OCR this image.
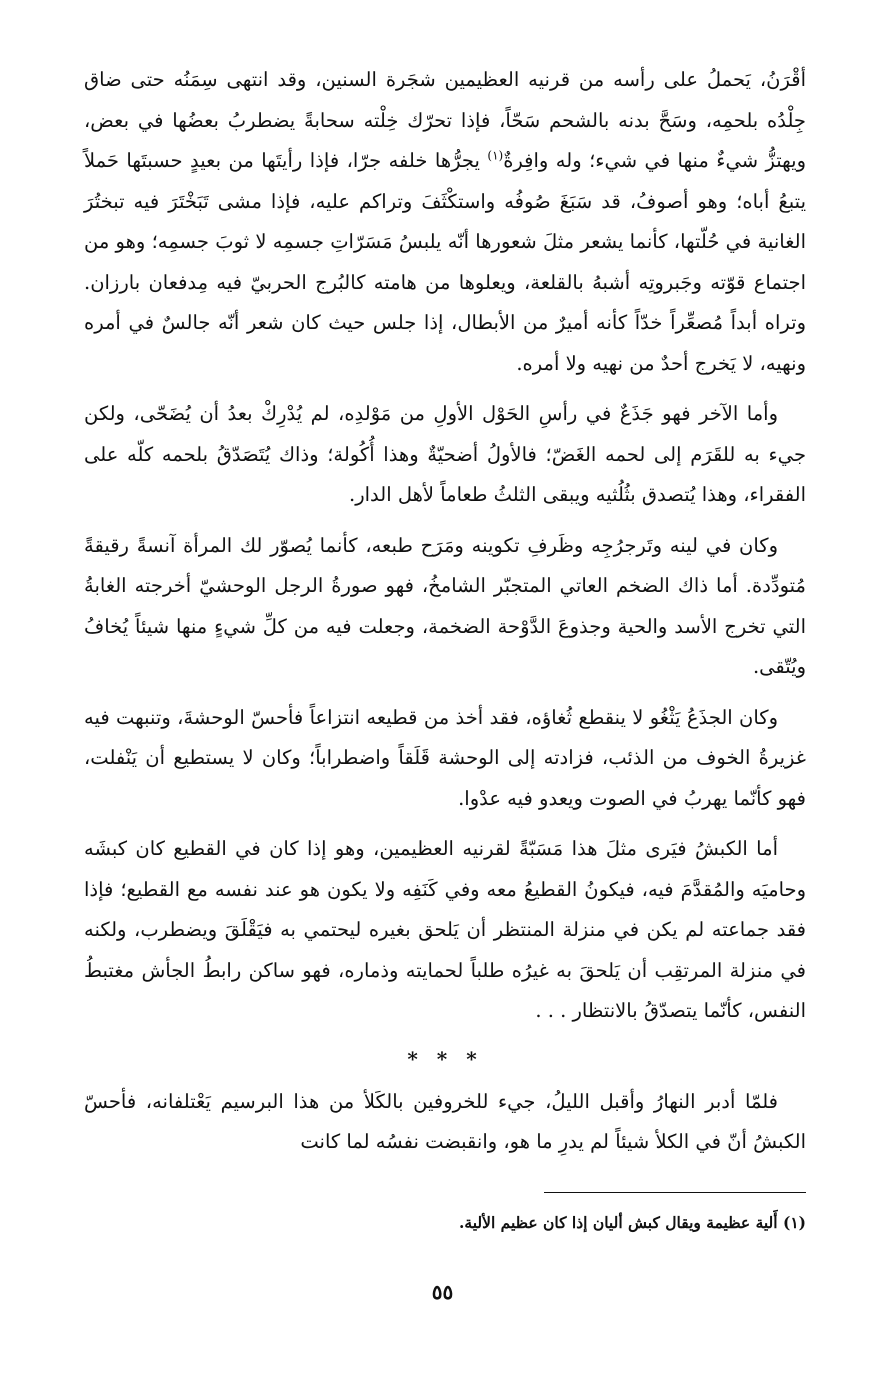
أقْرَنُ، يَحملُ على رأسه من قرنيه العظيمين شجَرة السنين، وقد انتهى سِمَنُه حتى ضاق جِلْدُه بلحمِه، وسَحَّ بدنه بالشحم سَحّاً، فإذا تحرّك خِلْته سحابةً يضطربُ بعضُها في بعض، ويهتزُّ شيءٌ منها في شيء؛ وله وافِرةٌ$^{(١)}$ يجرُّها خلفه جرّا، فإذا رأيتَها من بعيدٍ حسبتَها حَملاً يتبعُ أباه؛ وهو أصوفُ، قد سَبَغَ صُوفُه واستكْثَفَ وتراكم عليه، فإذا مشى تَبَخْتَرَ فيه تبختُرَ الغانية في حُلّتها، كأنما يشعر مثلَ شعورها أنّه يلبسُ مَسَرّاتِ جسمِه لا ثوبَ جسمِه؛ وهو من اجتماع قوّته وجَبروتِه أشبهُ بالقلعة، ويعلوها من هامته كالبُرج الحربيّ فيه مِدفعان بارزان. وتراه أبداً مُصعِّراً خدّاً كأنه أميرٌ من الأبطال، إذا جلس حيث كان شعر أنّه جالسٌ في أمره ونهيه، لا يَخرج أحدٌ من نهيه ولا أمره.

وأما الآخر فهو جَذَعٌ في رأسِ الحَوْل الأولِ من مَوْلدِه، لم يُدْرِكْ بعدُ أن يُضَحّى، ولكن جيء به للقَرَم إلى لحمه الغَضّ؛ فالأولُ أضحيّةٌ وهذا أُكُولة؛ وذاك يُتَصَدّقُ بلحمه كلّه على الفقراء، وهذا يُتصدق بثُلُثيه ويبقى الثلثُ طعاماً لأهل الدار.

وكان في لينه وتَرجرُجِه وظَرفِ تكوينه ومَرَح طبعه، كأنما يُصوّر لك المرأة آنسةً رقيقةً مُتودِّدة. أما ذاك الضخم العاتي المتجبّر الشامخُ، فهو صورةُ الرجل الوحشيّ أخرجته الغابةُ التي تخرج الأسد والحية وجذوعَ الدَّوْحة الضخمة، وجعلت فيه من كلِّ شيءٍ منها شيئاً يُخافُ ويُتّقى.

وكان الجذَعُ يَثْغُو لا ينقطع ثُغاؤه، فقد أخذ من قطيعه انتزاعاً فأحسّ الوحشةَ، وتنبهت فيه غزيرةُ الخوف من الذئب، فزادته إلى الوحشة قَلَقاً واضطراباً؛ وكان لا يستطيع أن يَنْفلت، فهو كأنّما يهربُ في الصوت ويعدو فيه عدْوا.

أما الكبشُ فيَرى مثلَ هذا مَسَبّةً لقرنيه العظيمين، وهو إذا كان في القطيع كان كبشَه وحاميَه والمُقدَّمَ فيه، فيكونُ القطيعُ معه وفي كَنَفِه ولا يكون هو عند نفسه مع القطيع؛ فإذا فقد جماعته لم يكن في منزلة المنتظر أن يَلحق بغيره ليحتمي به فيَقْلَقَ ويضطرب، ولكنه في منزلة المرتقِب أن يَلحقَ به غيرُه طلباً لحمايته وذماره، فهو ساكن رابطُ الجأش مغتبطُ النفس، كأنّما يتصدّقُ بالانتظار . . .

* * *

فلمّا أدبر النهارُ وأقبل الليلُ، جيء للخروفين بالكَلأ من هذا البرسيم يَعْتلفانه، فأحسّ الكبشُ أنّ في الكلأ شيئاً لم يدرِ ما هو، وانقبضت نفسُه لما كانت

(١) أَلية عظيمة ويقال كبش أليان إذا كان عظيم الألية.
٥٥
